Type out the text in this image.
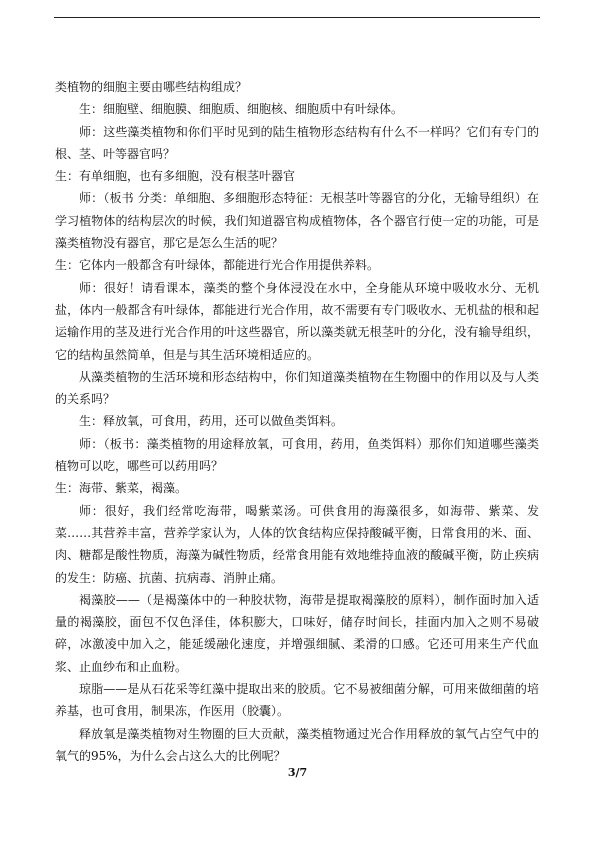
类植物的细胞主要由哪些结构组成？

生：细胞壁、细胞膜、细胞质、细胞核、细胞质中有叶绿体。

师：这些藻类植物和你们平时见到的陆生植物形态结构有什么不一样吗？它们有专门的根、茎、叶等器官吗？

生：有单细胞，也有多细胞，没有根茎叶器官

师：（板书 分类：单细胞、多细胞形态特征：无根茎叶等器官的分化，无输导组织）在学习植物体的结构层次的时候，我们知道器官构成植物体，各个器官行使一定的功能，可是藻类植物没有器官，那它是怎么生活的呢？

生：它体内一般都含有叶绿体，都能进行光合作用提供养料。

师：很好！请看课本，藻类的整个身体浸没在水中，全身能从环境中吸收水分、无机盐，体内一般都含有叶绿体，都能进行光合作用，故不需要有专门吸收水、无机盐的根和起运输作用的茎及进行光合作用的叶这些器官，所以藻类就无根茎叶的分化，没有输导组织，它的结构虽然简单，但是与其生活环境相适应的。

从藻类植物的生活环境和形态结构中，你们知道藻类植物在生物圈中的作用以及与人类的关系吗？

生：释放氧，可食用，药用，还可以做鱼类饵料。

师：（板书：藻类植物的用途释放氧，可食用，药用，鱼类饵料）那你们知道哪些藻类植物可以吃，哪些可以药用吗？

生：海带、紫菜，褐藻。

师：很好，我们经常吃海带，喝紫菜汤。可供食用的海藻很多，如海带、紫菜、发菜……其营养丰富，营养学家认为，人体的饮食结构应保持酸碱平衡，日常食用的米、面、肉、糖都是酸性物质，海藻为碱性物质，经常食用能有效地维持血液的酸碱平衡，防止疾病的发生：防癌、抗菌、抗病毒、消肿止痛。

褐藻胶——（是褐藻体中的一种胶状物，海带是提取褐藻胶的原料），制作面时加入适量的褐藻胶，面包不仅色泽佳，体积膨大，口味好，储存时间长，挂面内加入之则不易破碎，冰激凌中加入之，能延缓融化速度，并增强细腻、柔滑的口感。它还可用来生产代血浆、止血纱布和止血粉。

琼脂——是从石花采等红藻中提取出来的胶质。它不易被细菌分解，可用来做细菌的培养基，也可食用，制果冻，作医用（胶囊）。

释放氧是藻类植物对生物圈的巨大贡献，藻类植物通过光合作用释放的氧气占空气中的氧气的95%，为什么会占这么大的比例呢？

3/7
